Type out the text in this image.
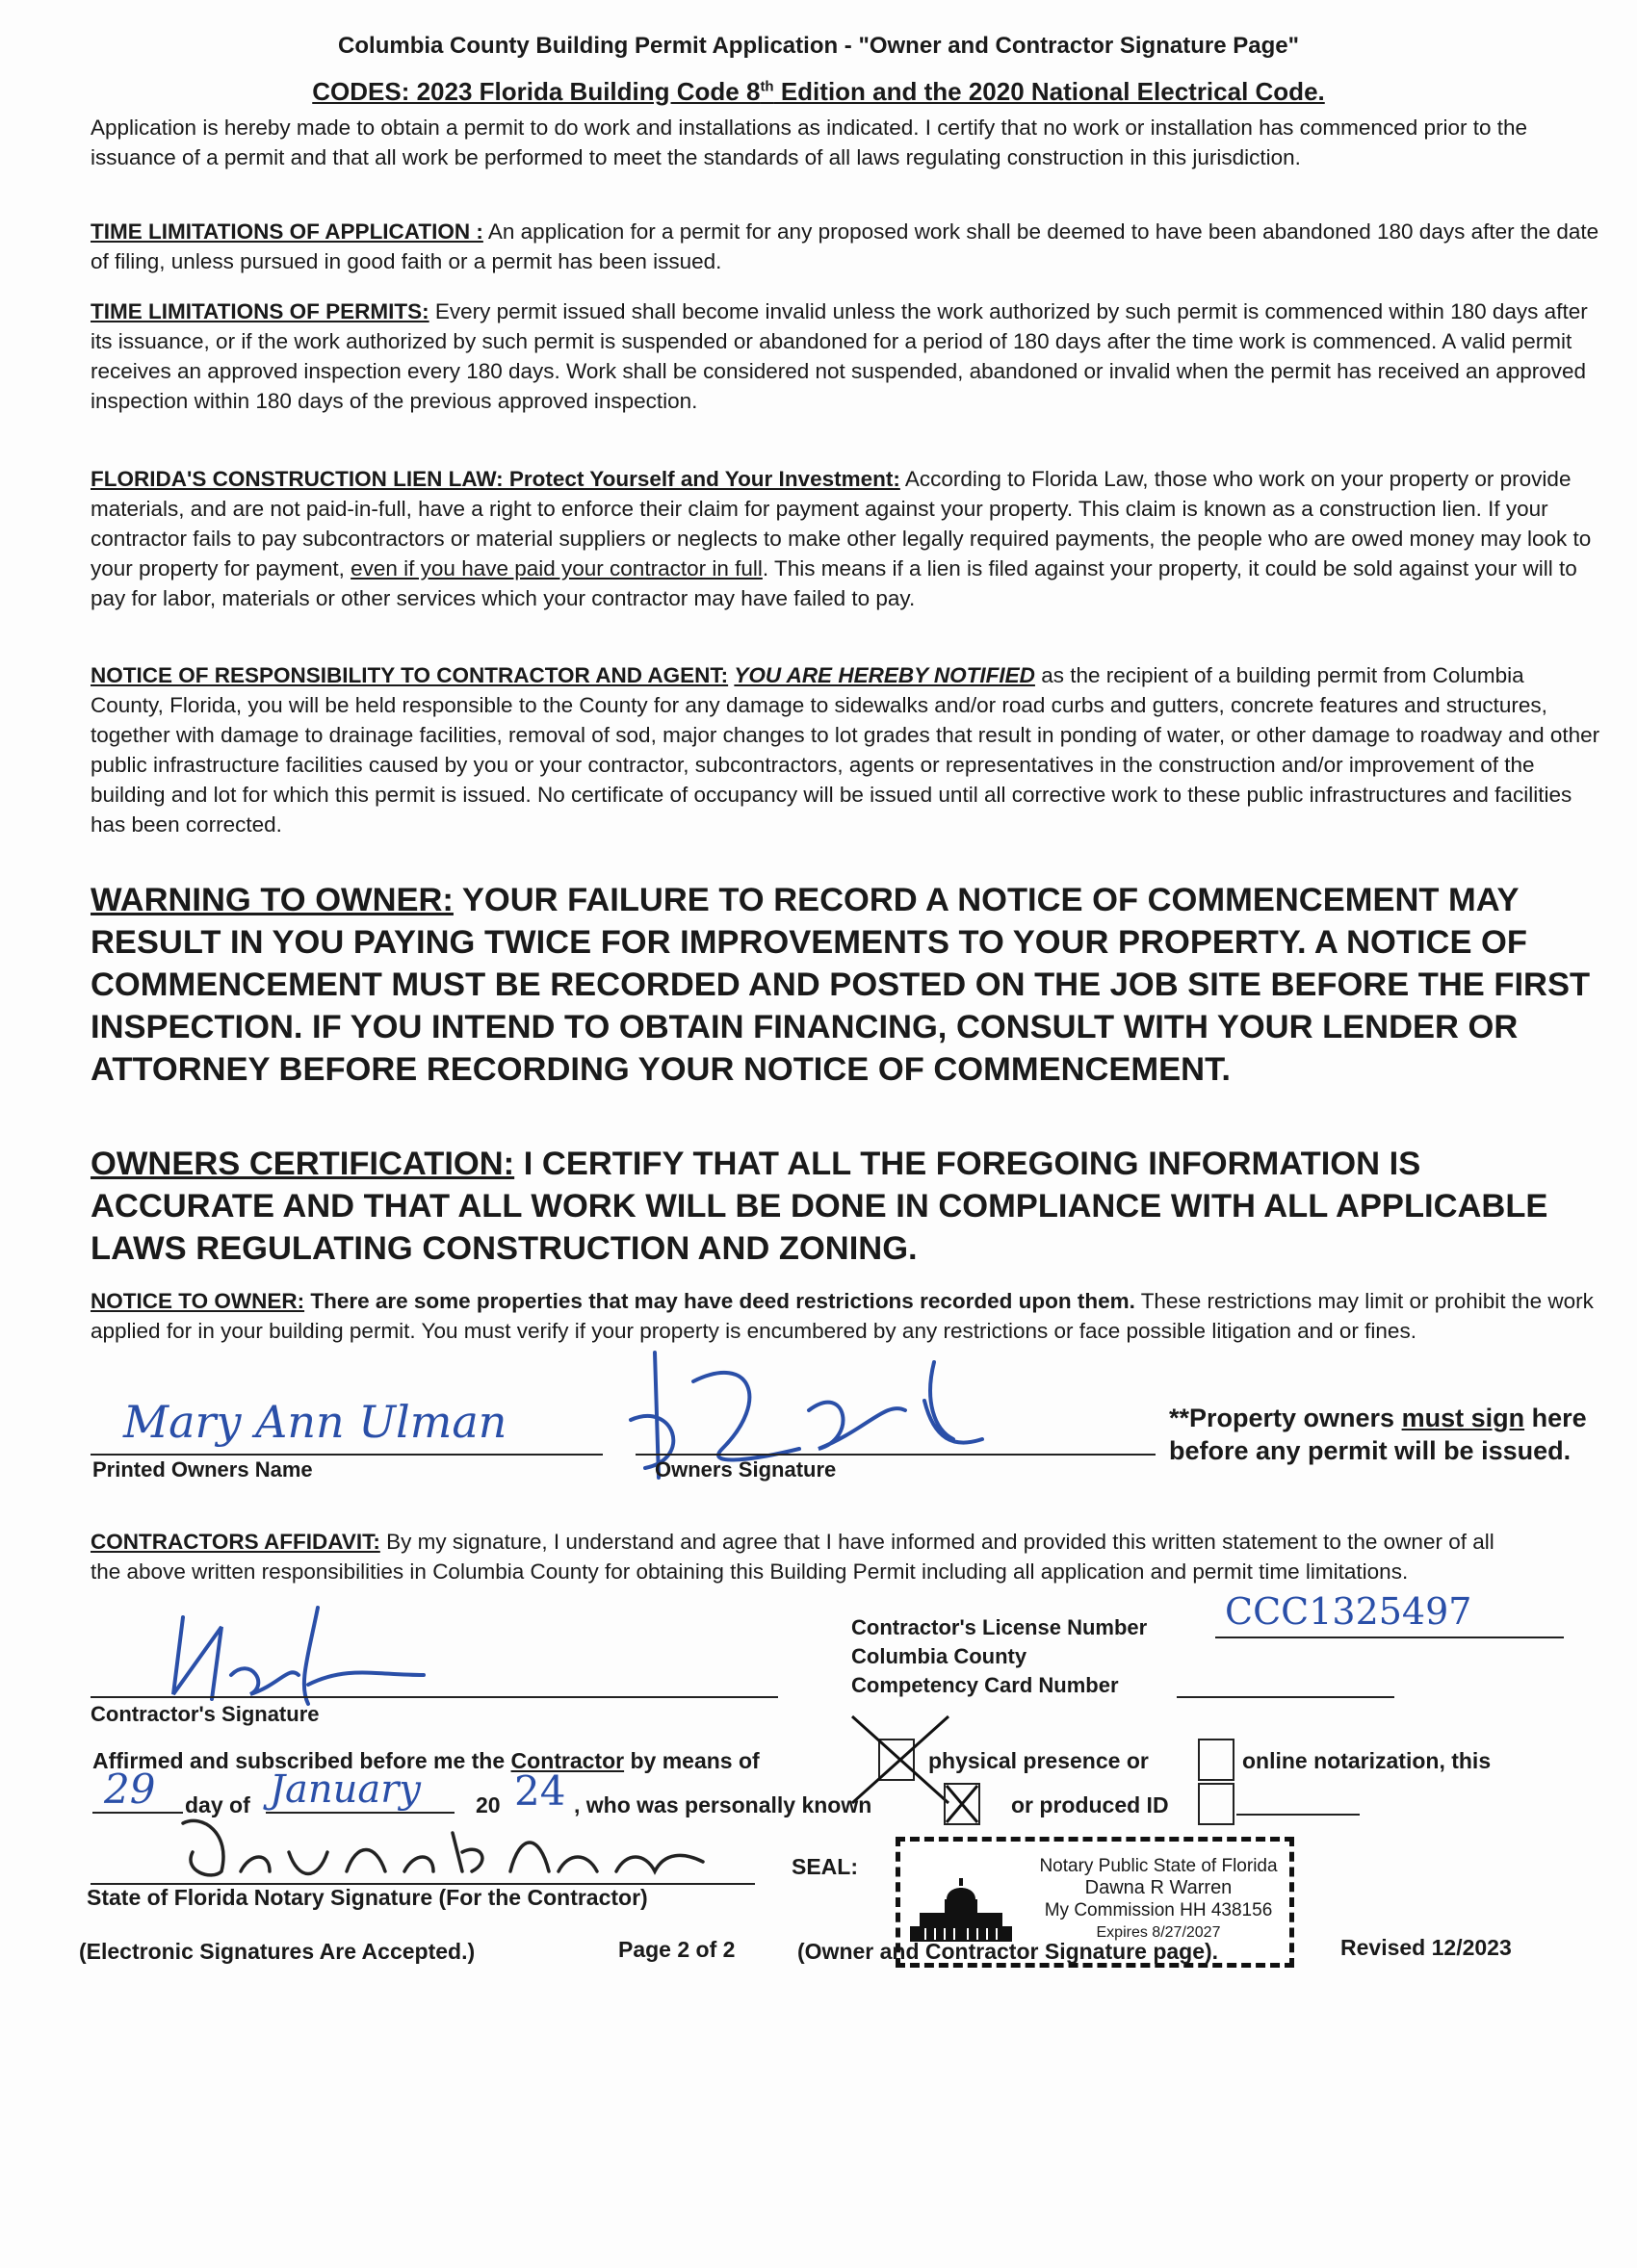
Columbia County Building Permit Application - "Owner and Contractor Signature Page"
CODES: 2023 Florida Building Code 8th Edition and the 2020 National Electrical Code.
Application is hereby made to obtain a permit to do work and installations as indicated. I certify that no work or installation has commenced prior to the issuance of a permit and that all work be performed to meet the standards of all laws regulating construction in this jurisdiction.
TIME LIMITATIONS OF APPLICATION : An application for a permit for any proposed work shall be deemed to have been abandoned 180 days after the date of filing, unless pursued in good faith or a permit has been issued.
TIME LIMITATIONS OF PERMITS: Every permit issued shall become invalid unless the work authorized by such permit is commenced within 180 days after its issuance, or if the work authorized by such permit is suspended or abandoned for a period of 180 days after the time work is commenced. A valid permit receives an approved inspection every 180 days. Work shall be considered not suspended, abandoned or invalid when the permit has received an approved inspection within 180 days of the previous approved inspection.
FLORIDA'S CONSTRUCTION LIEN LAW: Protect Yourself and Your Investment: According to Florida Law, those who work on your property or provide materials, and are not paid-in-full, have a right to enforce their claim for payment against your property. This claim is known as a construction lien. If your contractor fails to pay subcontractors or material suppliers or neglects to make other legally required payments, the people who are owed money may look to your property for payment, even if you have paid your contractor in full. This means if a lien is filed against your property, it could be sold against your will to pay for labor, materials or other services which your contractor may have failed to pay.
NOTICE OF RESPONSIBILITY TO CONTRACTOR AND AGENT: YOU ARE HEREBY NOTIFIED as the recipient of a building permit from Columbia County, Florida, you will be held responsible to the County for any damage to sidewalks and/or road curbs and gutters, concrete features and structures, together with damage to drainage facilities, removal of sod, major changes to lot grades that result in ponding of water, or other damage to roadway and other public infrastructure facilities caused by you or your contractor, subcontractors, agents or representatives in the construction and/or improvement of the building and lot for which this permit is issued. No certificate of occupancy will be issued until all corrective work to these public infrastructures and facilities has been corrected.
WARNING TO OWNER: YOUR FAILURE TO RECORD A NOTICE OF COMMENCEMENT MAY RESULT IN YOU PAYING TWICE FOR IMPROVEMENTS TO YOUR PROPERTY. A NOTICE OF COMMENCEMENT MUST BE RECORDED AND POSTED ON THE JOB SITE BEFORE THE FIRST INSPECTION. IF YOU INTEND TO OBTAIN FINANCING, CONSULT WITH YOUR LENDER OR ATTORNEY BEFORE RECORDING YOUR NOTICE OF COMMENCEMENT.
OWNERS CERTIFICATION: I CERTIFY THAT ALL THE FOREGOING INFORMATION IS ACCURATE AND THAT ALL WORK WILL BE DONE IN COMPLIANCE WITH ALL APPLICABLE LAWS REGULATING CONSTRUCTION AND ZONING.
NOTICE TO OWNER: There are some properties that may have deed restrictions recorded upon them. These restrictions may limit or prohibit the work applied for in your building permit. You must verify if your property is encumbered by any restrictions or face possible litigation and or fines.
Mary Ann Ulman
Printed Owners Name	Owners Signature
**Property owners must sign here before any permit will be issued.
CONTRACTORS AFFIDAVIT: By my signature, I understand and agree that I have informed and provided this written statement to the owner of all the above written responsibilities in Columbia County for obtaining this Building Permit including all application and permit time limitations.
Contractor's Signature
Contractor's License Number CCC1325497
Columbia County
Competency Card Number
Affirmed and subscribed before me the Contractor by means of	physical presence or	online notarization, this
29 day of January 20 24 , who was personally known	or produced ID
State of Florida Notary Signature (For the Contractor)
SEAL:	Notary Public State of Florida
Dawna R Warren
My Commission HH 438156
Expires 8/27/2027
(Electronic Signatures Are Accepted.)	Page 2 of 2	(Owner and Contractor Signature page).	Revised 12/2023
